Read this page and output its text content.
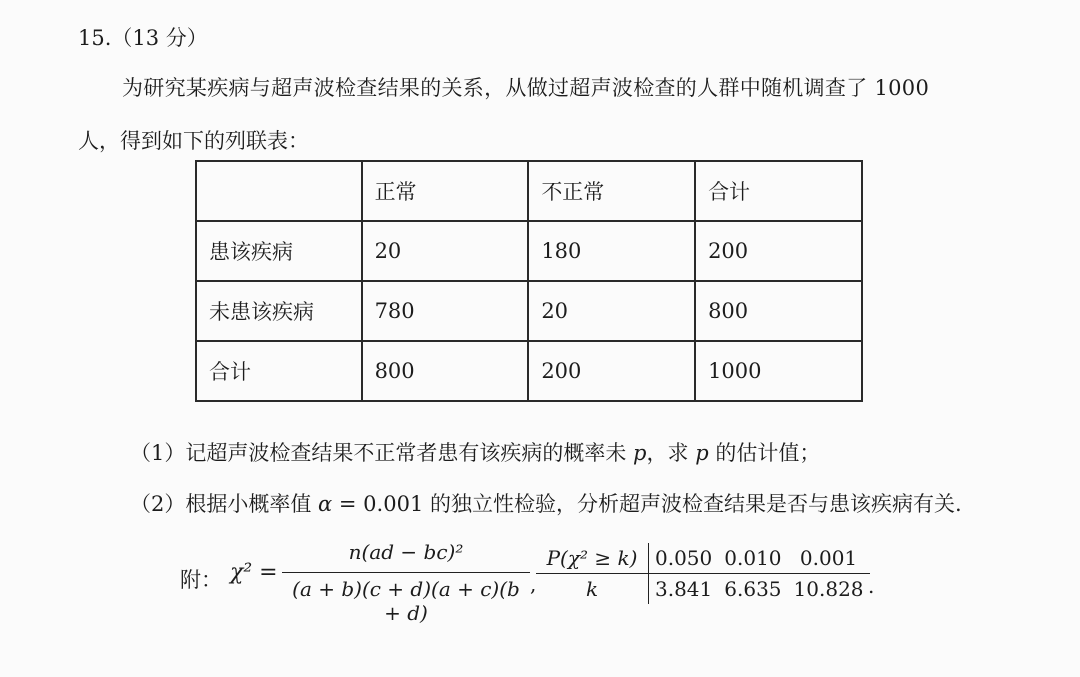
15.（13 分）
为研究某疾病与超声波检查结果的关系，从做过超声波检查的人群中随机调查了 1000
人，得到如下的列联表：
	正常	不正常	合计
患该疾病	20	180	200
未患该疾病	780	20	800
合计	800	200	1000
（1）记超声波检查结果不正常者患有该疾病的概率未 p，求 p 的估计值；
（2）根据小概率值 α = 0.001 的独立性检验，分析超声波检查结果是否与患该疾病有关.
附： χ² =
n(ad − bc)²
(a + b)(c + d)(a + c)(b + d)
,
P(χ² ≥ k)	0.050	0.010	0.001
k	3.841	6.635	10.828 .
